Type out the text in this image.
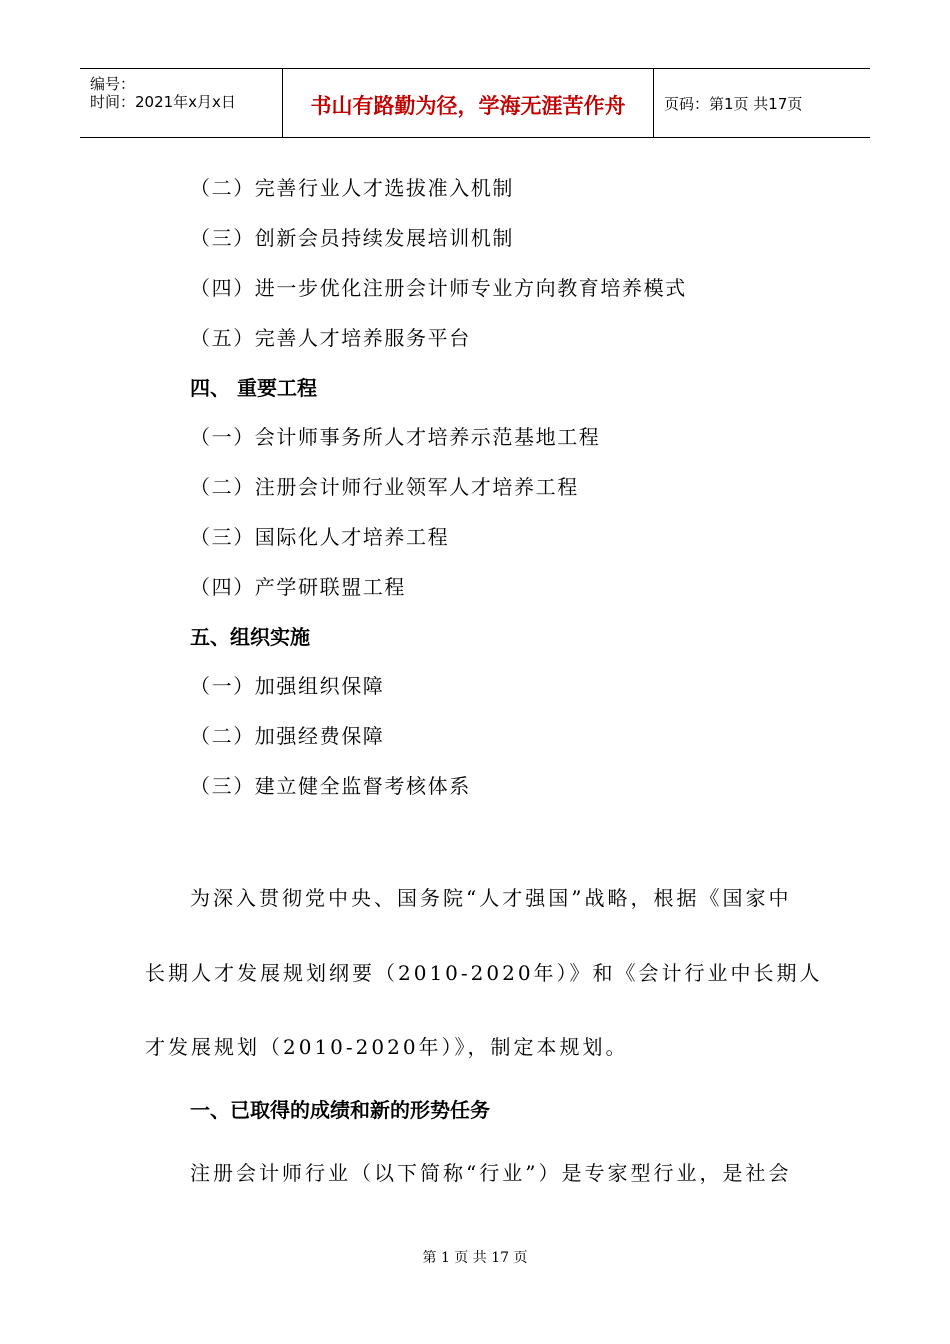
编号：
时间：2021年x月x日	书山有路勤为径，学海无涯苦作舟	页码：第1页 共17页
（二）完善行业人才选拔准入机制
（三）创新会员持续发展培训机制
（四）进一步优化注册会计师专业方向教育培养模式
（五）完善人才培养服务平台
四、 重要工程
（一）会计师事务所人才培养示范基地工程
（二）注册会计师行业领军人才培养工程
（三）国际化人才培养工程
（四）产学研联盟工程
五、组织实施
（一）加强组织保障
（二）加强经费保障
（三）建立健全监督考核体系
为深入贯彻党中央、国务院“人才强国”战略，根据《国家中
长期人才发展规划纲要（2010-2020年）》和《会计行业中长期人
才发展规划（2010-2020年）》，制定本规划。
一、已取得的成绩和新的形势任务
注册会计师行业（以下简称“行业”）是专家型行业，是社会
第 1 页 共 17 页
